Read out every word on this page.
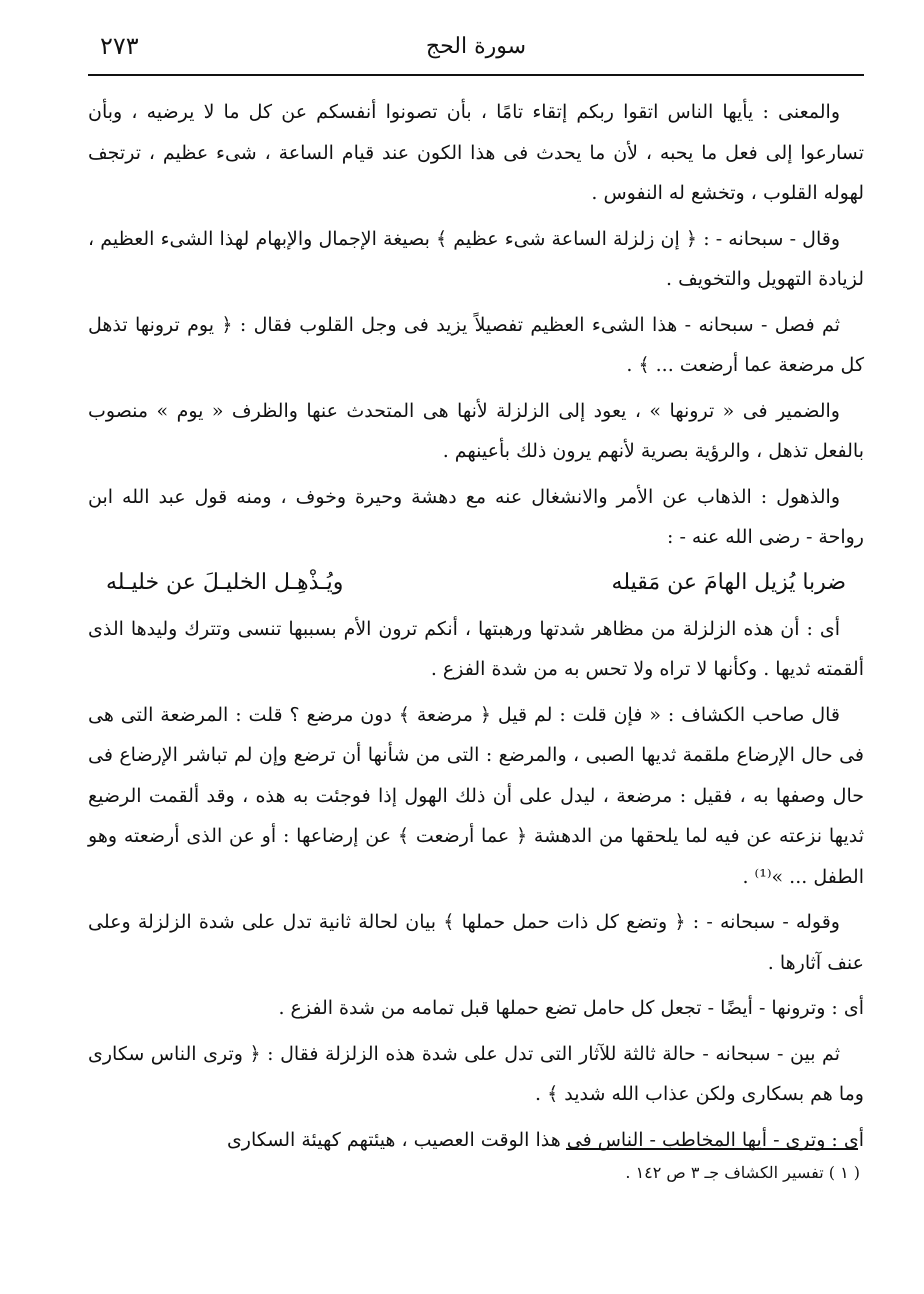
٢٧٣	سورة الحج

والمعنى : يأيها الناس اتقوا ربكم إتقاء تامًا ، بأن تصونوا أنفسكم عن كل ما لا يرضيه ، وبأن تسارعوا إلى فعل ما يحبه ، لأن ما يحدث فى هذا الكون عند قيام الساعة ، شىء عظيم ، ترتجف لهوله القلوب ، وتخشع له النفوس .

وقال - سبحانه - : ﴿ إن زلزلة الساعة شىء عظيم ﴾ بصيغة الإجمال والإبهام لهذا الشىء العظيم ، لزيادة التهويل والتخويف .

ثم فصل - سبحانه - هذا الشىء العظيم تفصيلاً يزيد فى وجل القلوب فقال : ﴿ يوم ترونها تذهل كل مرضعة عما أرضعت ... ﴾ .

والضمير فى « ترونها » ، يعود إلى الزلزلة لأنها هى المتحدث عنها والظرف « يوم » منصوب بالفعل تذهل ، والرؤية بصرية لأنهم يرون ذلك بأعينهم .

والذهول : الذهاب عن الأمر والانشغال عنه مع دهشة وحيرة وخوف ، ومنه قول عبد الله ابن رواحة - رضى الله عنه - :

ضربا يُزيل الهامَ عن مَقيله
ويُـذْهِـل الخليـلَ عن خليـله

أى : أن هذه الزلزلة من مظاهر شدتها ورهبتها ، أنكم ترون الأم بسببها تنسى وتترك وليدها الذى ألقمته ثديها . وكأنها لا تراه ولا تحس به من شدة الفزع .

قال صاحب الكشاف : « فإن قلت : لم قيل ﴿ مرضعة ﴾ دون مرضع ؟ قلت : المرضعة التى هى فى حال الإرضاع ملقمة ثديها الصبى ، والمرضع : التى من شأنها أن ترضع وإن لم تباشر الإرضاع فى حال وصفها به ، فقيل : مرضعة ، ليدل على أن ذلك الهول إذا فوجئت به هذه ، وقد ألقمت الرضيع ثديها نزعته عن فيه لما يلحقها من الدهشة ﴿ عما أرضعت ﴾ عن إرضاعها : أو عن الذى أرضعته وهو الطفل ... »⁽¹⁾ .

وقوله - سبحانه - : ﴿ وتضع كل ذات حمل حملها ﴾ بيان لحالة ثانية تدل على شدة الزلزلة وعلى عنف آثارها .

أى : وترونها - أيضًا - تجعل كل حامل تضع حملها قبل تمامه من شدة الفزع .

ثم بين - سبحانه - حالة ثالثة للآثار التى تدل على شدة هذه الزلزلة فقال : ﴿ وترى الناس سكارى وما هم بسكارى ولكن عذاب الله شديد ﴾ .

أى : وترى - أيها المخاطب - الناس فى هذا الوقت العصيب ، هيئتهم كهيئة السكارى

( ١ ) تفسير الكشاف جـ ٣ ص ١٤٢ .
